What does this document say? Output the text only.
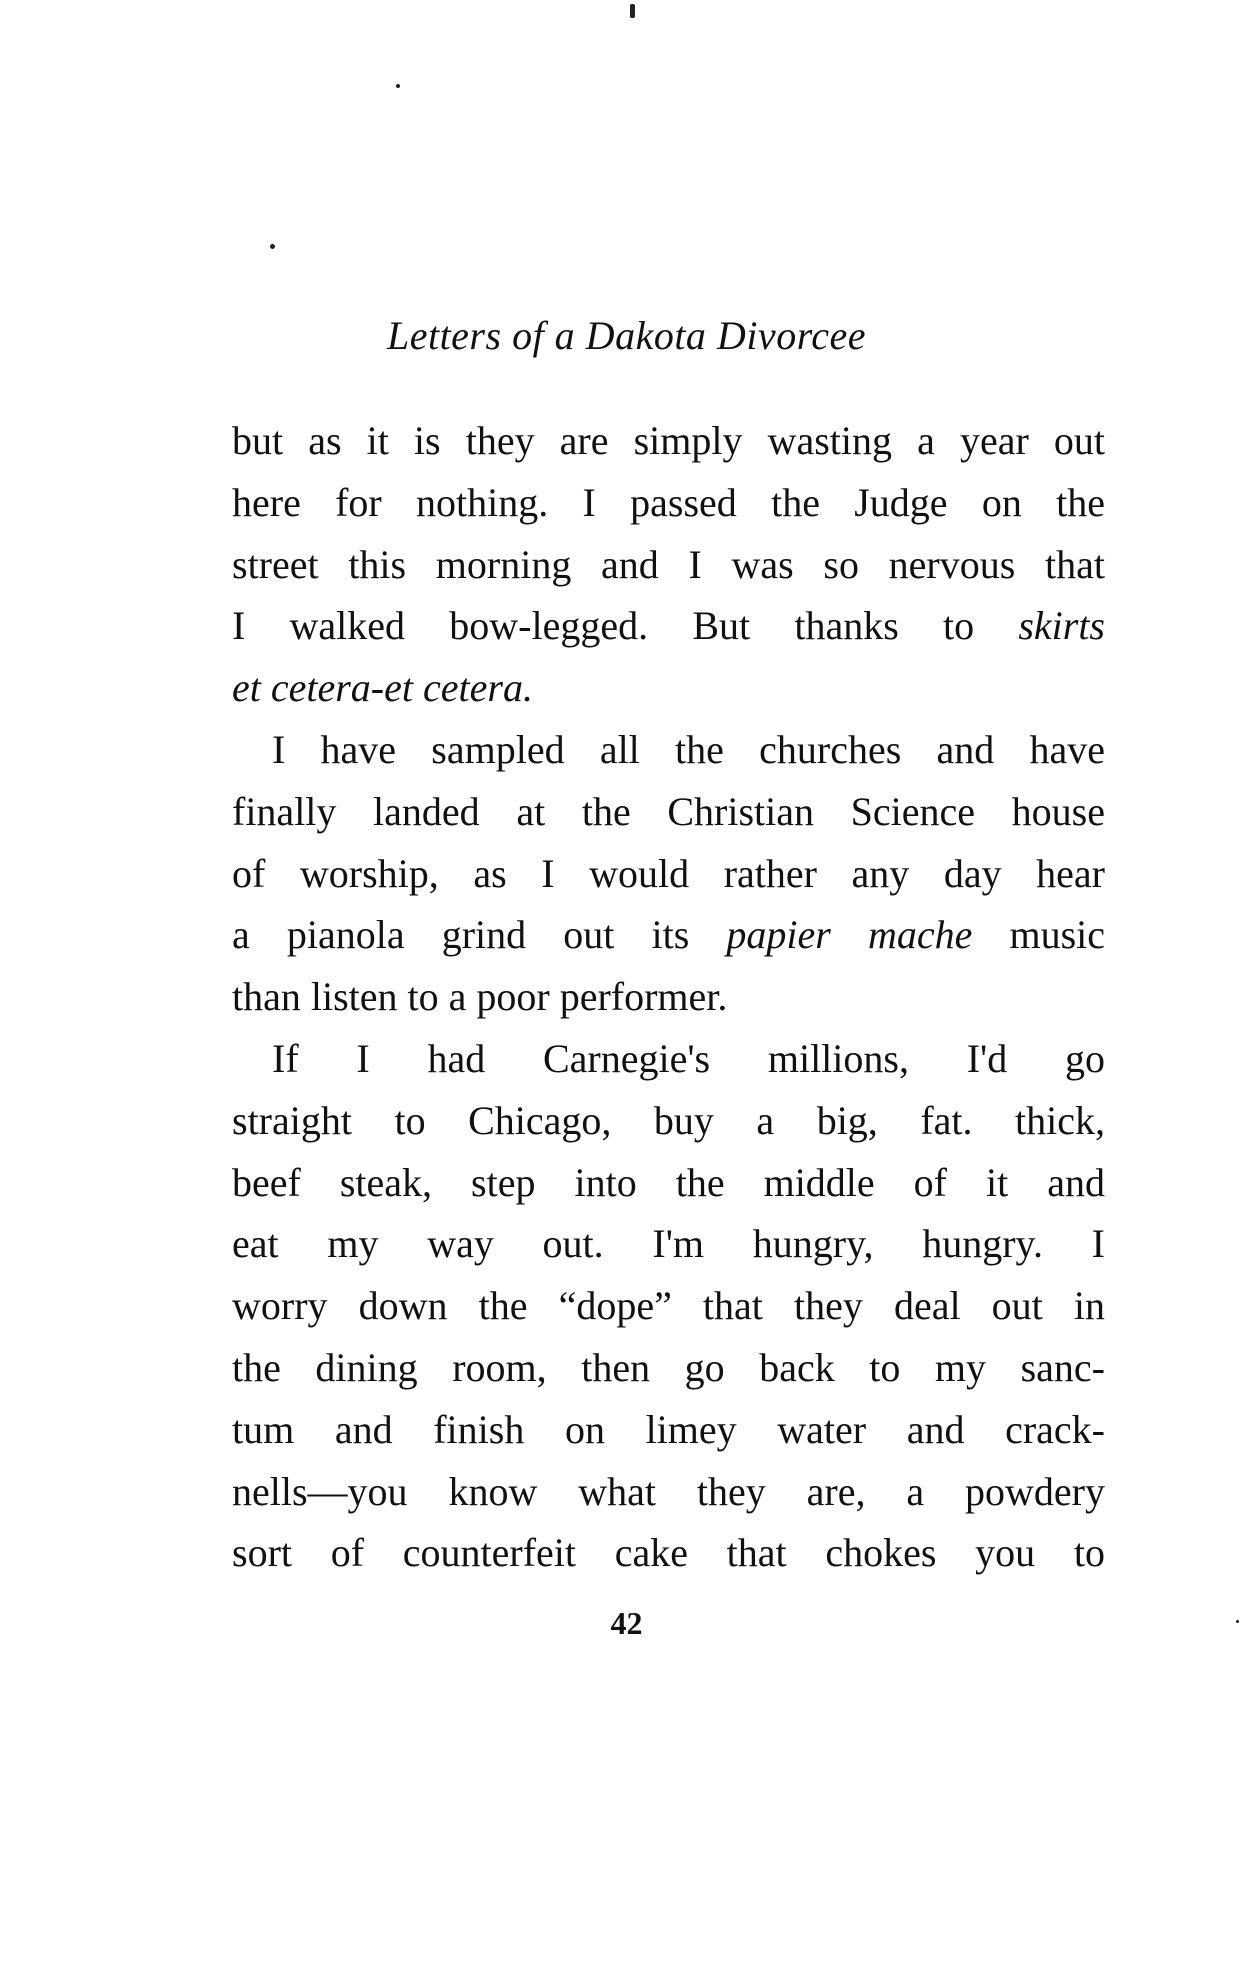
Letters of a Dakota Divorcee

but as it is they are simply wasting a year out
here for nothing. I passed the Judge on the
street this morning and I was so nervous that
I walked bow-legged. But thanks to skirts
et cetera-et cetera.

I have sampled all the churches and have
finally landed at the Christian Science house
of worship, as I would rather any day hear
a pianola grind out its papier mache music
than listen to a poor performer.

If I had Carnegie's millions, I'd go
straight to Chicago, buy a big, fat. thick,
beef steak, step into the middle of it and
eat my way out. I'm hungry, hungry. I
worry down the “dope” that they deal out in
the dining room, then go back to my sanc-
tum and finish on limey water and crack-
nells—you know what they are, a powdery
sort of counterfeit cake that chokes you to

42
